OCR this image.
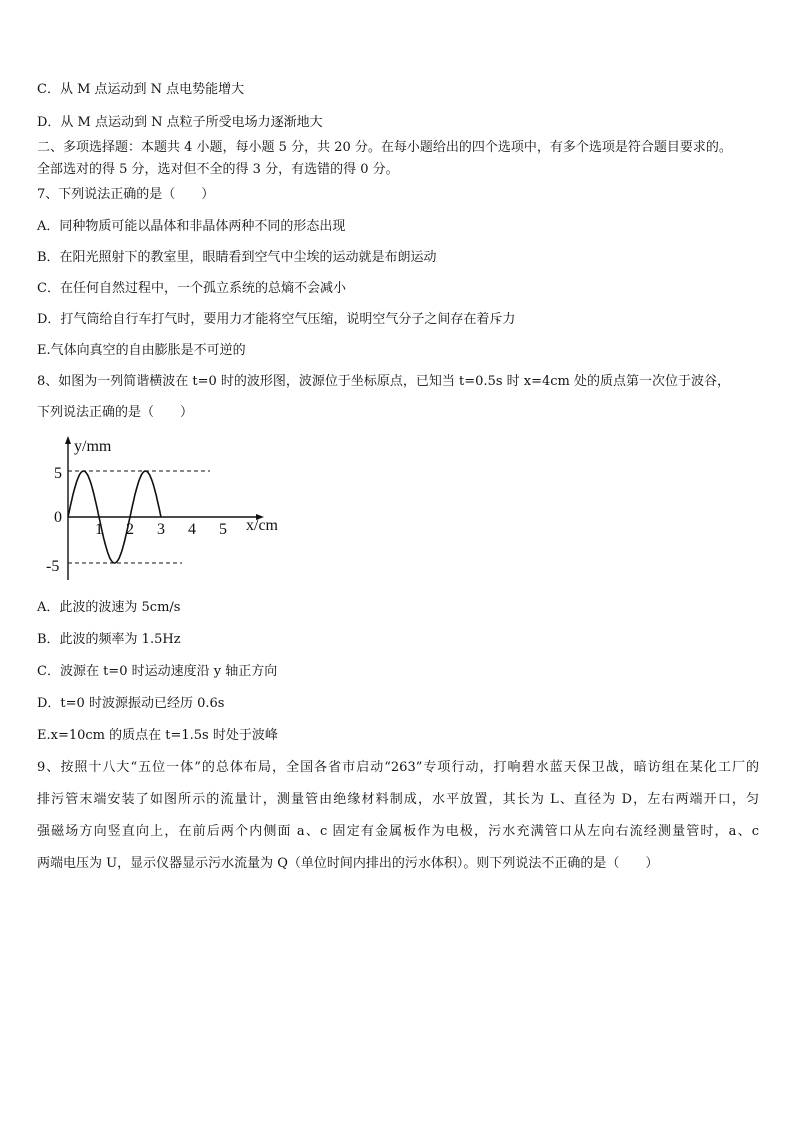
C．从 M 点运动到 N 点电势能增大
D．从 M 点运动到 N 点粒子所受电场力逐渐地大
二、多项选择题：本题共 4 小题，每小题 5 分，共 20 分。在每小题给出的四个选项中，有多个选项是符合题目要求的。
全部选对的得 5 分，选对但不全的得 3 分，有选错的得 0 分。
7、下列说法正确的是（　　）
A．同种物质可能以晶体和非晶体两种不同的形态出现
B．在阳光照射下的教室里，眼睛看到空气中尘埃的运动就是布朗运动
C．在任何自然过程中，一个孤立系统的总熵不会减小
D．打气筒给自行车打气时，要用力才能将空气压缩，说明空气分子之间存在着斥力
E.气体向真空的自由膨胀是不可逆的
8、如图为一列简谐横波在 t=0 时的波形图，波源位于坐标原点，已知当 t=0.5s 时 x=4cm 处的质点第一次位于波谷，
下列说法正确的是（　　）
y/mm
x/cm
5
0
-5
1 2 3 4 5
A．此波的波速为 5cm/s
B．此波的频率为 1.5Hz
C．波源在 t=0 时运动速度沿 y 轴正方向
D．t=0 时波源振动已经历 0.6s
E.x=10cm 的质点在 t=1.5s 时处于波峰
9、按照十八大“五位一体”的总体布局，全国各省市启动“263”专项行动，打响碧水蓝天保卫战，暗访组在某化工厂的
排污管末端安装了如图所示的流量计，测量管由绝缘材料制成，水平放置，其长为 L、直径为 D，左右两端开口，匀
强磁场方向竖直向上，在前后两个内侧面 a、c 固定有金属板作为电极，污水充满管口从左向右流经测量管时，a、c
两端电压为 U，显示仪器显示污水流量为 Q（单位时间内排出的污水体积）。则下列说法不正确的是（　　）
